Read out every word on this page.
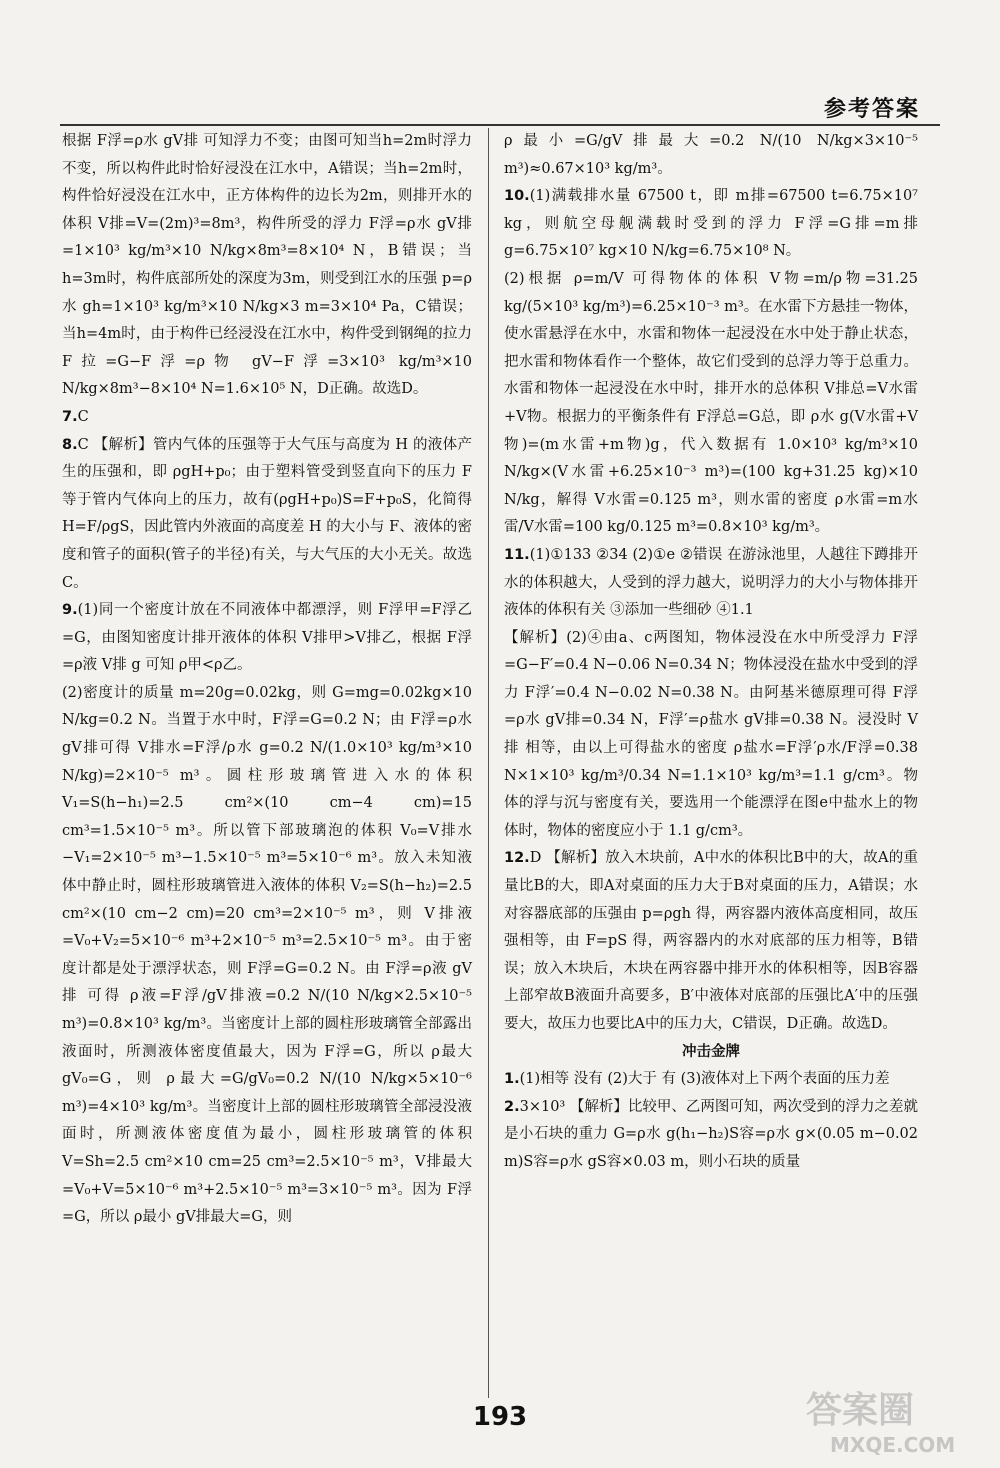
参考答案

根据 F浮=ρ水 gV排 可知浮力不变；由图可知当h=2m时浮力不变，所以构件此时恰好浸没在江水中，A错误；当h=2m时，构件恰好浸没在江水中，正方体构件的边长为2m，则排开水的体积 V排=V=(2m)³=8m³，构件所受的浮力 F浮=ρ水 gV排=1×10³ kg/m³×10 N/kg×8m³=8×10⁴ N，B错误；当h=3m时，构件底部所处的深度为3m，则受到江水的压强 p=ρ水 gh=1×10³ kg/m³×10 N/kg×3 m=3×10⁴ Pa，C错误；当h=4m时，由于构件已经浸没在江水中，构件受到钢绳的拉力 F拉=G−F浮=ρ物 gV−F浮=3×10³ kg/m³×10 N/kg×8m³−8×10⁴ N=1.6×10⁵ N，D正确。故选D。

7.C

8.C 【解析】管内气体的压强等于大气压与高度为 H 的液体产生的压强和，即 ρgH+p₀；由于塑料管受到竖直向下的压力 F 等于管内气体向上的压力，故有(ρgH+p₀)S=F+p₀S，化简得 H=F/ρgS，因此管内外液面的高度差 H 的大小与 F、液体的密度和管子的面积(管子的半径)有关，与大气压的大小无关。故选C。

9.(1)同一个密度计放在不同液体中都漂浮，则 F浮甲=F浮乙=G，由图知密度计排开液体的体积 V排甲>V排乙，根据 F浮=ρ液 V排 g 可知 ρ甲<ρ乙。

(2)密度计的质量 m=20g=0.02kg，则 G=mg=0.02kg×10 N/kg=0.2 N。当置于水中时，F浮=G=0.2 N；由 F浮=ρ水 gV排可得 V排水=F浮/ρ水 g=0.2 N/(1.0×10³ kg/m³×10 N/kg)=2×10⁻⁵ m³。圆柱形玻璃管进入水的体积 V₁=S(h−h₁)=2.5 cm²×(10 cm−4 cm)=15 cm³=1.5×10⁻⁵ m³。所以管下部玻璃泡的体积 V₀=V排水−V₁=2×10⁻⁵ m³−1.5×10⁻⁵ m³=5×10⁻⁶ m³。放入未知液体中静止时，圆柱形玻璃管进入液体的体积 V₂=S(h−h₂)=2.5 cm²×(10 cm−2 cm)=20 cm³=2×10⁻⁵ m³，则 V排液=V₀+V₂=5×10⁻⁶ m³+2×10⁻⁵ m³=2.5×10⁻⁵ m³。由于密度计都是处于漂浮状态，则 F浮=G=0.2 N。由 F浮=ρ液 gV排 可得 ρ液=F浮/gV排液=0.2 N/(10 N/kg×2.5×10⁻⁵ m³)=0.8×10³ kg/m³。当密度计上部的圆柱形玻璃管全部露出液面时，所测液体密度值最大，因为 F浮=G，所以 ρ最大 gV₀=G，则 ρ最大=G/gV₀=0.2 N/(10 N/kg×5×10⁻⁶ m³)=4×10³ kg/m³。当密度计上部的圆柱形玻璃管全部浸没液面时，所测液体密度值为最小，圆柱形玻璃管的体积 V=Sh=2.5 cm²×10 cm=25 cm³=2.5×10⁻⁵ m³，V排最大=V₀+V=5×10⁻⁶ m³+2.5×10⁻⁵ m³=3×10⁻⁵ m³。因为 F浮=G，所以 ρ最小 gV排最大=G，则

ρ最小=G/gV排最大=0.2 N/(10 N/kg×3×10⁻⁵ m³)≈0.67×10³ kg/m³。

10.(1)满载排水量 67500 t，即 m排=67500 t=6.75×10⁷ kg，则航空母舰满载时受到的浮力 F浮=G排=m排 g=6.75×10⁷ kg×10 N/kg=6.75×10⁸ N。

(2)根据 ρ=m/V 可得物体的体积 V物=m/ρ物=31.25 kg/(5×10³ kg/m³)=6.25×10⁻³ m³。在水雷下方悬挂一物体，使水雷悬浮在水中，水雷和物体一起浸没在水中处于静止状态，把水雷和物体看作一个整体，故它们受到的总浮力等于总重力。水雷和物体一起浸没在水中时，排开水的总体积 V排总=V水雷+V物。根据力的平衡条件有 F浮总=G总，即 ρ水 g(V水雷+V物)=(m水雷+m物)g，代入数据有 1.0×10³ kg/m³×10 N/kg×(V水雷+6.25×10⁻³ m³)=(100 kg+31.25 kg)×10 N/kg，解得 V水雷=0.125 m³，则水雷的密度 ρ水雷=m水雷/V水雷=100 kg/0.125 m³=0.8×10³ kg/m³。

11.(1)①133 ②34 (2)①e ②错误 在游泳池里，人越往下蹲排开水的体积越大，人受到的浮力越大，说明浮力的大小与物体排开液体的体积有关 ③添加一些细砂 ④1.1

【解析】(2)④由a、c两图知，物体浸没在水中所受浮力 F浮=G−F′=0.4 N−0.06 N=0.34 N；物体浸没在盐水中受到的浮力 F浮′=0.4 N−0.02 N=0.38 N。由阿基米德原理可得 F浮=ρ水 gV排=0.34 N，F浮′=ρ盐水 gV排=0.38 N。浸没时 V排 相等，由以上可得盐水的密度 ρ盐水=F浮′ρ水/F浮=0.38 N×1×10³ kg/m³/0.34 N=1.1×10³ kg/m³=1.1 g/cm³。物体的浮与沉与密度有关，要选用一个能漂浮在图e中盐水上的物体时，物体的密度应小于 1.1 g/cm³。

12.D 【解析】放入木块前，A中水的体积比B中的大，故A的重量比B的大，即A对桌面的压力大于B对桌面的压力，A错误；水对容器底部的压强由 p=ρgh 得，两容器内液体高度相同，故压强相等，由 F=pS 得，两容器内的水对底部的压力相等，B错误；放入木块后，木块在两容器中排开水的体积相等，因B容器上部窄故B液面升高要多，B′中液体对底部的压强比A′中的压强要大，故压力也要比A中的压力大，C错误，D正确。故选D。

冲击金牌

1.(1)相等 没有 (2)大于 有 (3)液体对上下两个表面的压力差

2.3×10³ 【解析】比较甲、乙两图可知，两次受到的浮力之差就是小石块的重力 G=ρ水 g(h₁−h₂)S容=ρ水 g×(0.05 m−0.02 m)S容=ρ水 gS容×0.03 m，则小石块的质量

193	答案圈
MXQE.COM
